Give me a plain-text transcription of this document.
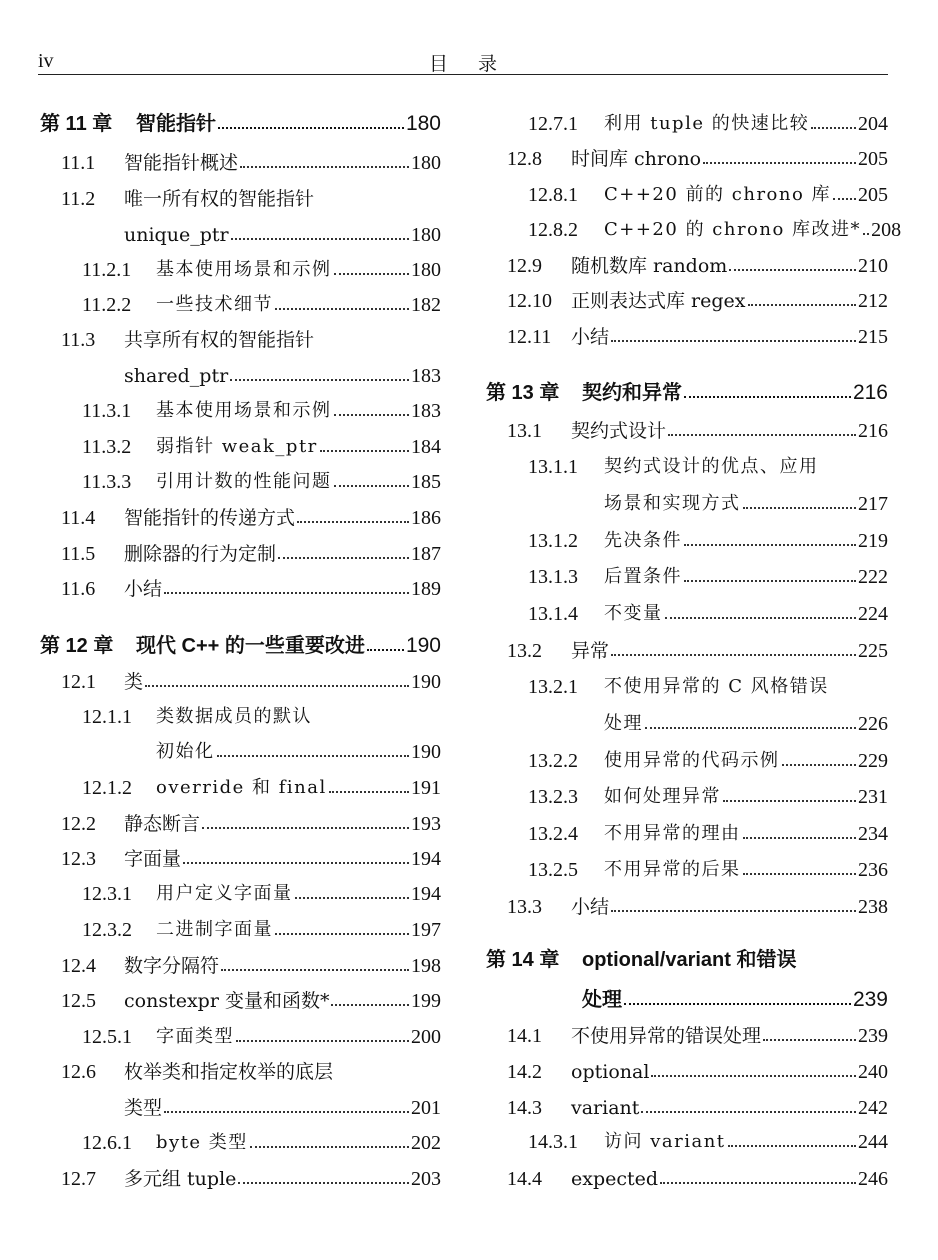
iv	目录
第 11 章	智能指针	180
11.1	智能指针概述	180
11.2	唯一所有权的智能指针
unique_ptr	180
11.2.1	基本使用场景和示例	180
11.2.2	一些技术细节	182
11.3	共享所有权的智能指针
shared_ptr	183
11.3.1	基本使用场景和示例	183
11.3.2	弱指针 weak_ptr	184
11.3.3	引用计数的性能问题	185
11.4	智能指针的传递方式	186
11.5	删除器的行为定制	187
11.6	小结	189
第 12 章	现代 C++ 的一些重要改进 190
12.1	类	190
12.1.1	类数据成员的默认
初始化	190
12.1.2	override 和 final	191
12.2	静态断言	193
12.3	字面量	194
12.3.1	用户定义字面量	194
12.3.2	二进制字面量	197
12.4	数字分隔符	198
12.5	constexpr 变量和函数*	199
12.5.1	字面类型	200
12.6	枚举类和指定枚举的底层
类型	201
12.6.1	byte 类型	202
12.7	多元组 tuple	203
12.7.1	利用 tuple 的快速比较 204
12.8	时间库 chrono	205
12.8.1	C++20 前的 chrono 库 205
12.8.2	C++20 的 chrono 库改进* 208
12.9	随机数库 random	210
12.10	正则表达式库 regex	212
12.11	小结	215
第 13 章	契约和异常	216
13.1	契约式设计	216
13.1.1	契约式设计的优点、应用
场景和实现方式	217
13.1.2	先决条件	219
13.1.3	后置条件	222
13.1.4	不变量	224
13.2	异常	225
13.2.1	不使用异常的 C 风格错误
处理	226
13.2.2	使用异常的代码示例	229
13.2.3	如何处理异常	231
13.2.4	不用异常的理由	234
13.2.5	不用异常的后果	236
13.3	小结	238
第 14 章	optional/variant 和错误
处理	239
14.1	不使用异常的错误处理	239
14.2	optional	240
14.3	variant	242
14.3.1	访问 variant	244
14.4	expected	246
